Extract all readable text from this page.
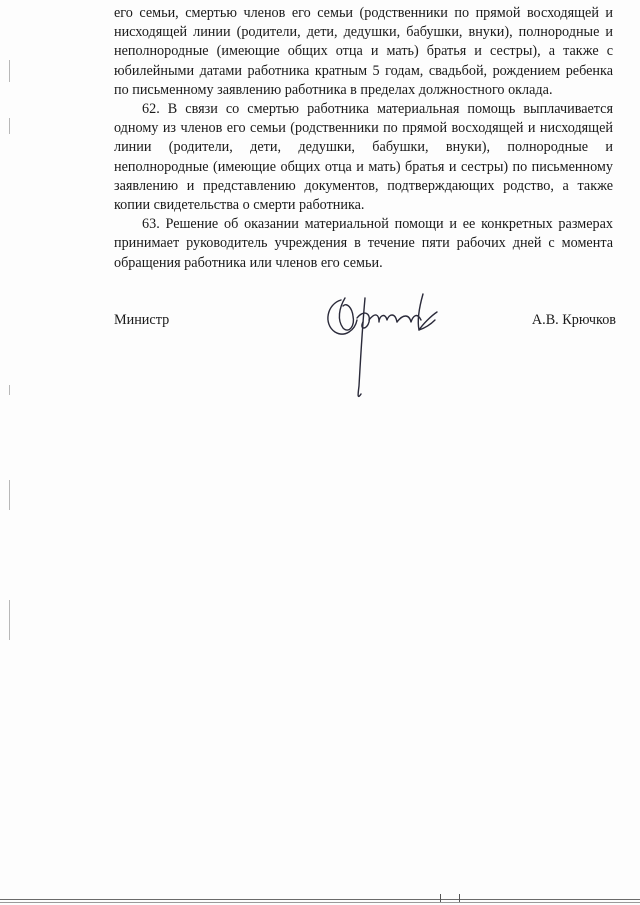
его семьи, смертью членов его семьи (родственники по прямой восходящей и нисходящей линии (родители, дети, дедушки, бабушки, внуки), полнородные и неполнородные (имеющие общих отца и мать) братья и сестры), а также с юбилейными датами работника кратным 5 годам, свадьбой, рождением ребенка по письменному заявлению работника в пределах должностного оклада.

62. В связи со смертью работника материальная помощь выплачивается одному из членов его семьи (родственники по прямой восходящей и нисходящей линии (родители, дети, дедушки, бабушки, внуки), полнородные и неполнородные (имеющие общих отца и мать) братья и сестры) по письменному заявлению и представлению документов, подтверждающих родство, а также копии свидетельства о смерти работника.

63. Решение об оказании материальной помощи и ее конкретных размерах принимает руководитель учреждения в течение пяти рабочих дней с момента обращения работника или членов его семьи.

Министр	А.В. Крючков
